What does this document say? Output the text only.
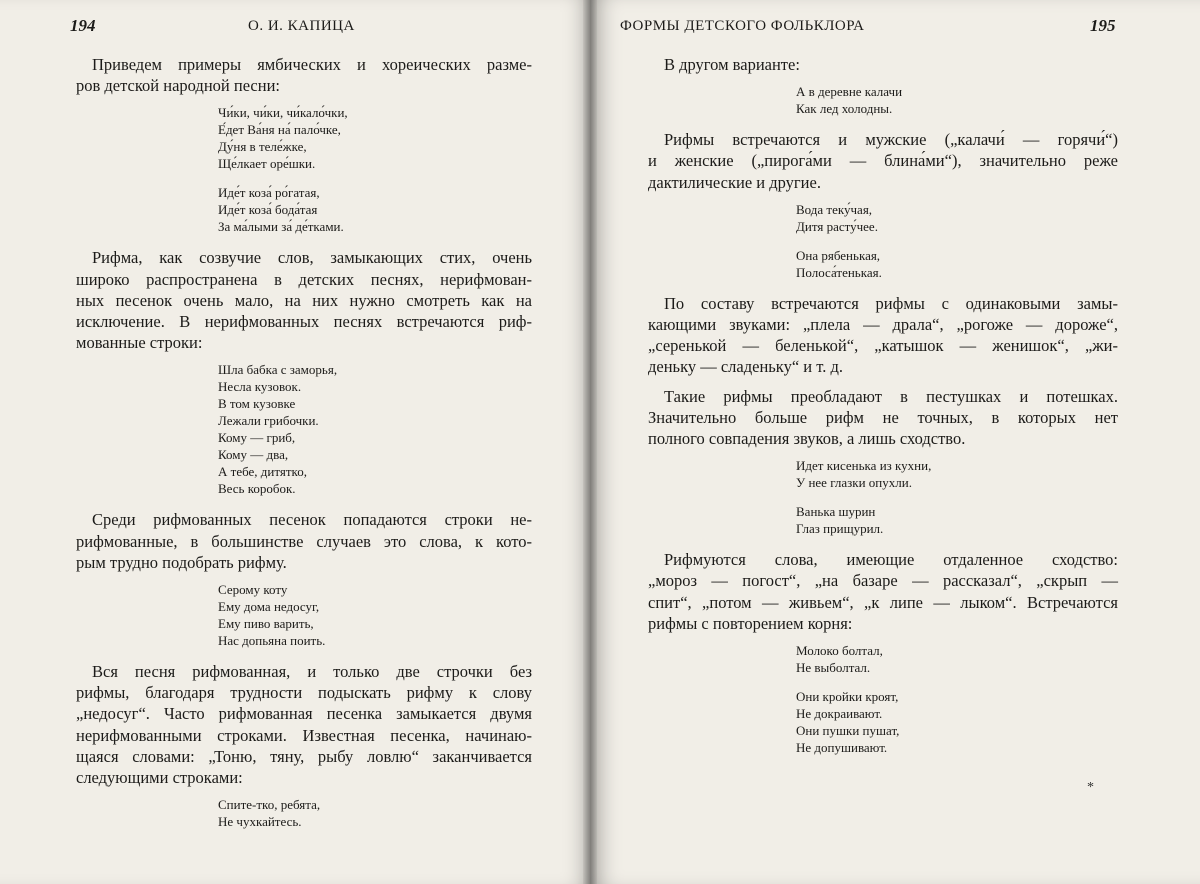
194	О. И. КАПИЦА
Приведем примеры ямбических и хореических разме-
ров детской народной песни:
Чи́ки, чи́ки, чи́кало́чки,
Е́дет Ва́ня на́ пало́чке,
Ду́ня в теле́жке,
Ще́лкает оре́шки.
Иде́т коза́ ро́гатая,
Иде́т коза́ бода́тая
За ма́лыми за́ де́тками.
Рифма, как созвучие слов, замыкающих стих, очень
широко распространена в детских песнях, нерифмован-
ных песенок очень мало, на них нужно смотреть как на
исключение. В нерифмованных песнях встречаются риф-
мованные строки:
Шла бабка с заморья,
Несла кузовок.
В том кузовке
Лежали грибочки.
Кому — гриб,
Кому — два,
А тебе, дитятко,
Весь коробок.
Среди рифмованных песенок попадаются строки не-
рифмованные, в большинстве случаев это слова, к кото-
рым трудно подобрать рифму.
Серому коту
Ему дома недосуг,
Ему пиво варить,
Нас допьяна поить.
Вся песня рифмованная, и только две строчки без
рифмы, благодаря трудности подыскать рифму к слову
„недосуг“. Часто рифмованная песенка замыкается двумя
нерифмованными строками. Известная песенка, начинаю-
щаяся словами: „Тоню, тяну, рыбу ловлю“ заканчивается
следующими строками:
Спите-тко, ребята,
Не чухкайтесь.
ФОРМЫ ДЕТСКОГО ФОЛЬКЛОРА	195
В другом варианте:
А в деревне калачи
Как лед холодны.
Рифмы встречаются и мужские („калачи́ — горячи́“)
и женские („пирога́ми — блина́ми“), значительно реже
дактилические и другие.
Вода теку́чая,
Дитя расту́чее.
Она рябенькая,
Полоса́тенькая.
По составу встречаются рифмы с одинаковыми замы-
кающими звуками: „плела — драла“, „рогоже — дороже“,
„серенькой — беленькой“, „катышок — женишок“, „жи-
деньку — сладеньку“ и т. д.
Такие рифмы преобладают в пестушках и потешках.
Значительно больше рифм не точных, в которых нет
полного совпадения звуков, а лишь сходство.
Идет кисенька из кухни,
У нее глазки опухли.
Ванька шурин
Глаз прищурил.
Рифмуются слова, имеющие отдаленное сходство:
„мороз — погост“, „на базаре — рассказал“, „скрып —
спит“, „потом — живьем“, „к липе — лыком“. Встречаются
рифмы с повторением корня:
Молоко болтал,
Не выболтал.
Они кройки кроят,
Не докраивают.
Они пушки пушат,
Не допушивают.
*
